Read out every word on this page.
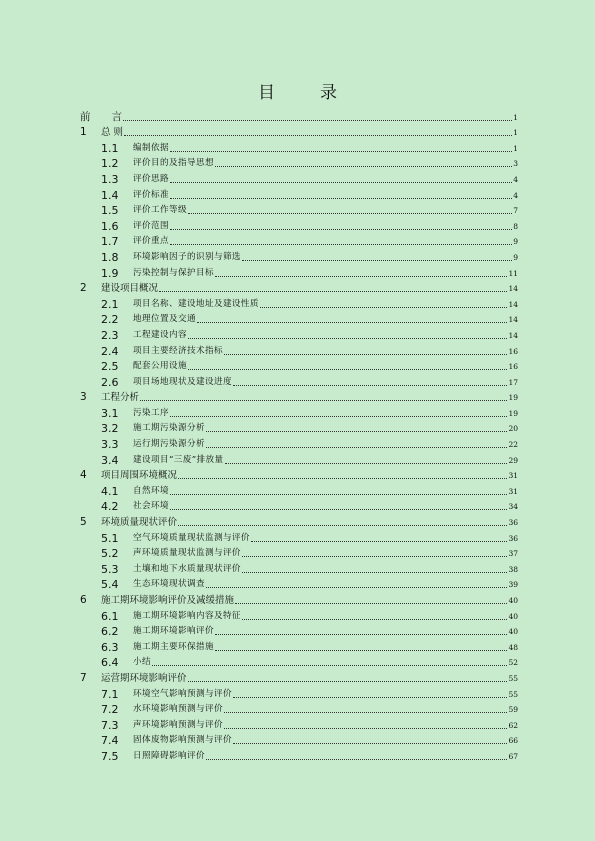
目　录
前　　言	1
1	总 则	1
1.1	编制依据	1
1.2	评价目的及指导思想	3
1.3	评价思路	4
1.4	评价标准	4
1.5	评价工作等级	7
1.6	评价范围	8
1.7	评价重点	9
1.8	环境影响因子的识别与筛选	9
1.9	污染控制与保护目标	11
2	建设项目概况	14
2.1	项目名称、建设地址及建设性质	14
2.2	地理位置及交通	14
2.3	工程建设内容	14
2.4	项目主要经济技术指标	16
2.5	配套公用设施	16
2.6	项目场地现状及建设进度	17
3	工程分析	19
3.1	污染工序	19
3.2	施工期污染源分析	20
3.3	运行期污染源分析	22
3.4	建设项目“三废”排放量	29
4	项目周围环境概况	31
4.1	自然环境	31
4.2	社会环境	34
5	环境质量现状评价	36
5.1	空气环境质量现状监测与评价	36
5.2	声环境质量现状监测与评价	37
5.3	土壤和地下水质量现状评价	38
5.4	生态环境现状调查	39
6	施工期环境影响评价及减缓措施	40
6.1	施工期环境影响内容及特征	40
6.2	施工期环境影响评价	40
6.3	施工期主要环保措施	48
6.4	小结	52
7	运营期环境影响评价	55
7.1	环境空气影响预测与评价	55
7.2	水环境影响预测与评价	59
7.3	声环境影响预测与评价	62
7.4	固体废物影响预测与评价	66
7.5	日照障碍影响评价	67
